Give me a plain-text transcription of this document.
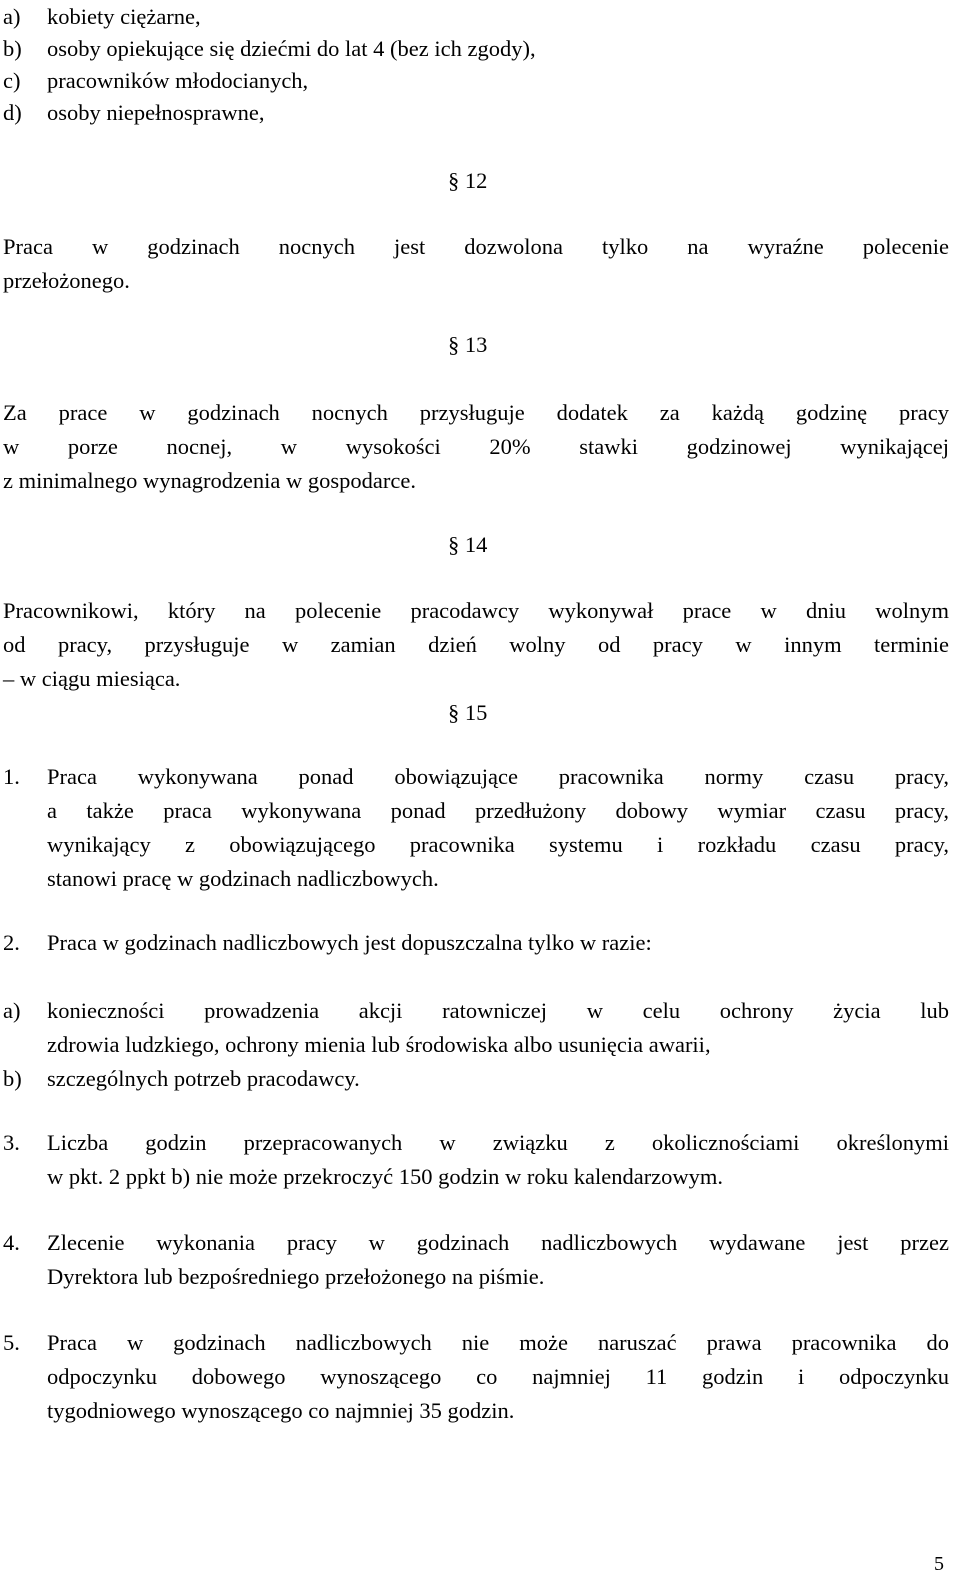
a) kobiety ciężarne,
b) osoby opiekujące się dziećmi do lat 4 (bez ich zgody),
c) pracowników młodocianych,
d) osoby niepełnosprawne,
§ 12
Praca w godzinach nocnych jest dozwolona tylko na wyraźne polecenie
przełożonego.
§ 13
Za prace w godzinach nocnych przysługuje dodatek za każdą godzinę pracy
w porze nocnej, w wysokości 20% stawki godzinowej wynikającej
z minimalnego wynagrodzenia w gospodarce.
§ 14
Pracownikowi, który na polecenie pracodawcy wykonywał prace w dniu wolnym
od pracy, przysługuje w zamian dzień wolny od pracy w innym terminie
– w ciągu miesiąca.
§ 15
1. Praca wykonywana ponad obowiązujące pracownika normy czasu pracy,
a także praca wykonywana ponad przedłużony dobowy wymiar czasu pracy,
wynikający z obowiązującego pracownika systemu i rozkładu czasu pracy,
stanowi pracę w godzinach nadliczbowych.
2. Praca w godzinach nadliczbowych jest dopuszczalna tylko w razie:
a) konieczności prowadzenia akcji ratowniczej w celu ochrony życia lub
zdrowia ludzkiego, ochrony mienia lub środowiska albo usunięcia awarii,
b) szczególnych potrzeb pracodawcy.
3. Liczba godzin przepracowanych w związku z okolicznościami określonymi
w pkt. 2 ppkt b) nie może przekroczyć 150 godzin w roku kalendarzowym.
4. Zlecenie wykonania pracy w godzinach nadliczbowych wydawane jest przez
Dyrektora lub bezpośredniego przełożonego na piśmie.
5. Praca w godzinach nadliczbowych nie może naruszać prawa pracownika do
odpoczynku dobowego wynoszącego co najmniej 11 godzin i odpoczynku
tygodniowego wynoszącego co najmniej 35 godzin.
5
